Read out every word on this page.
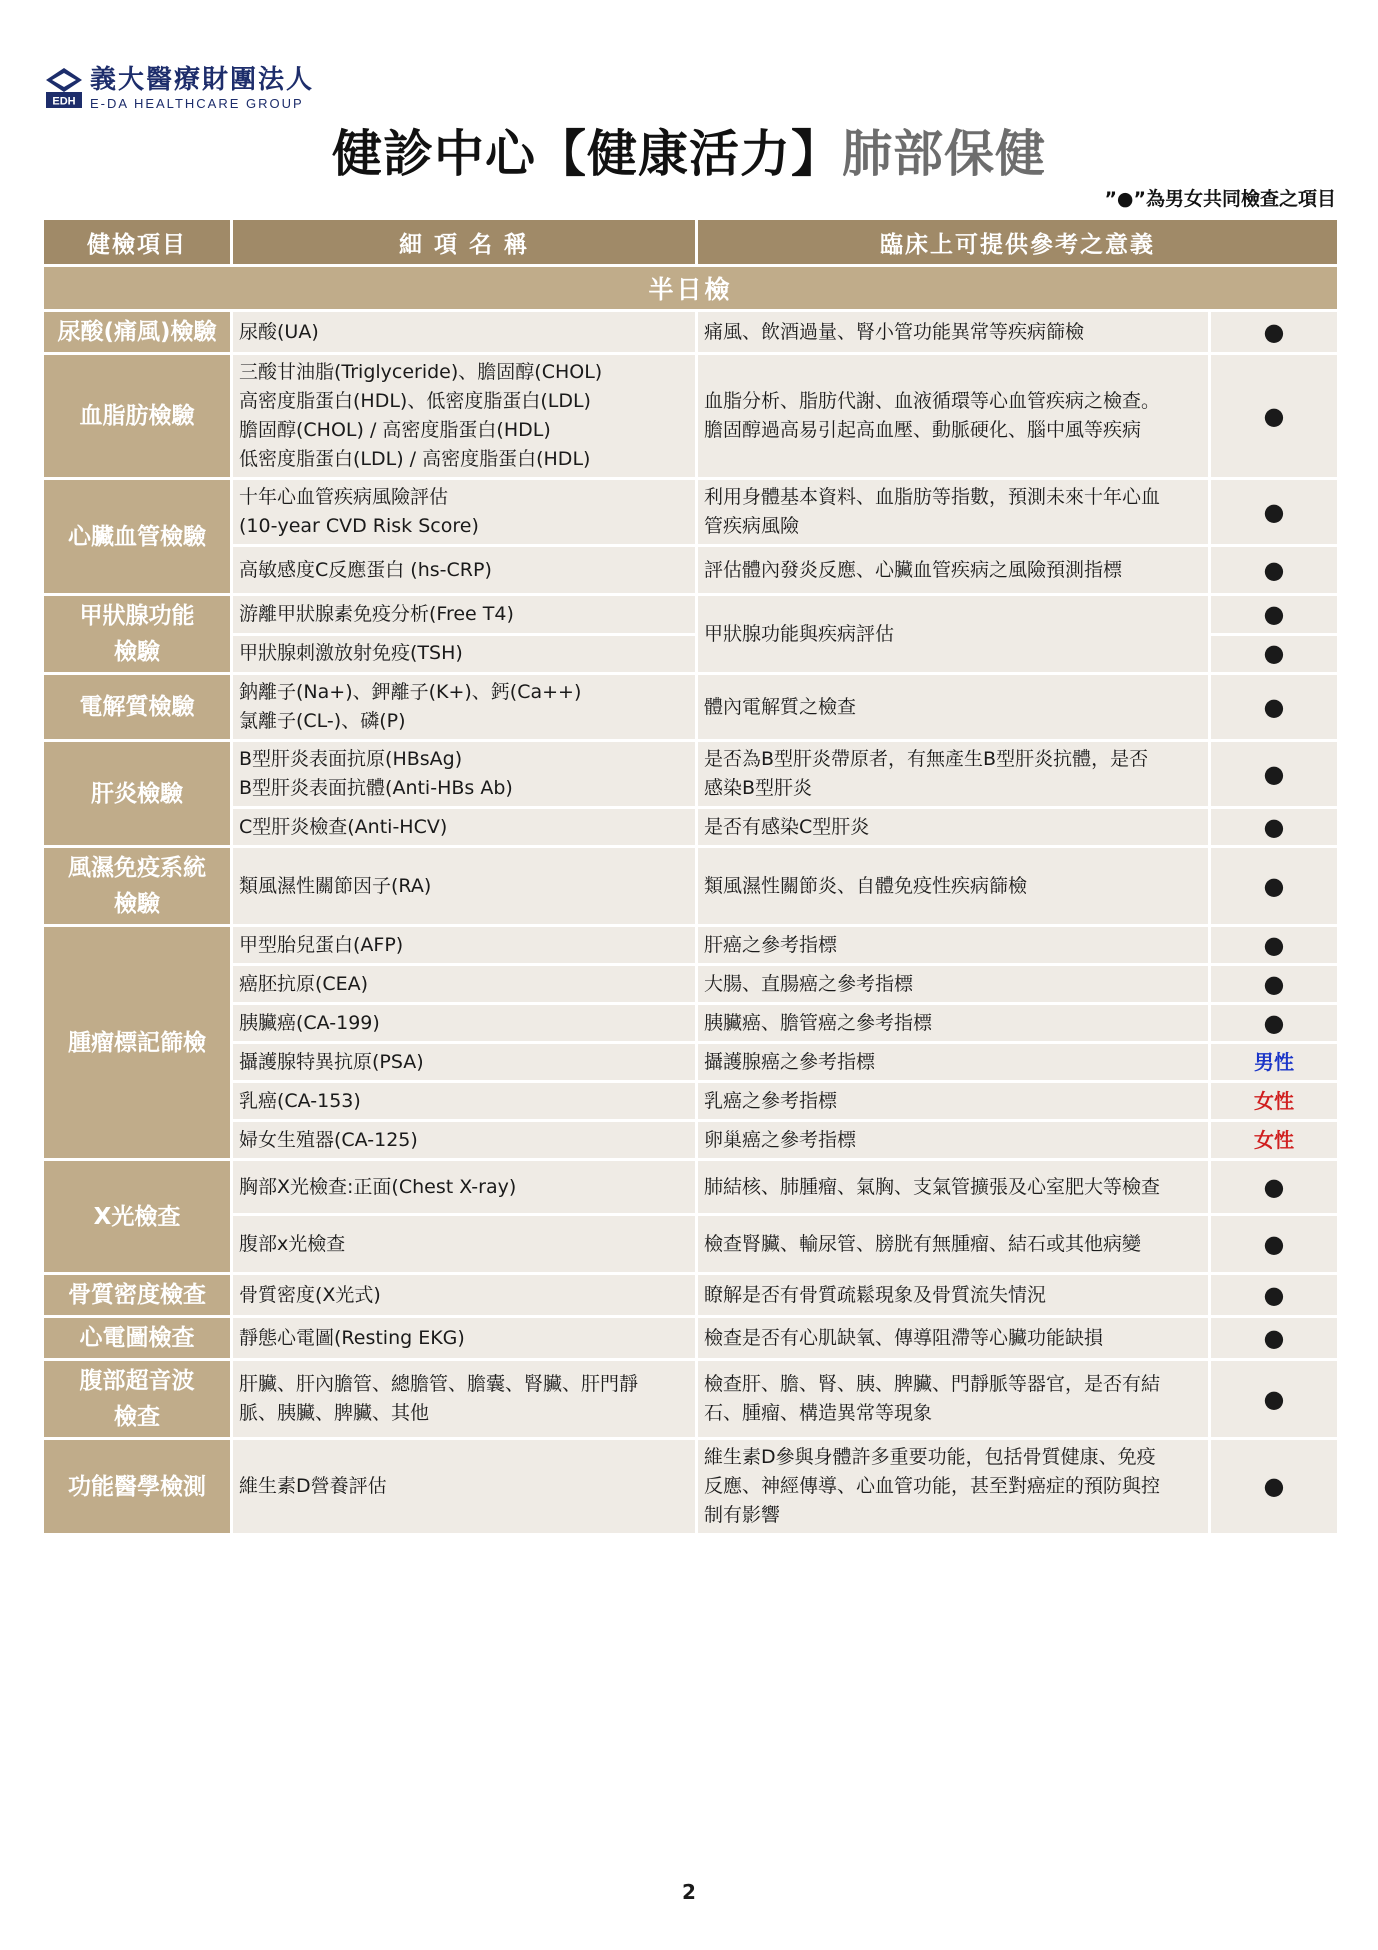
EDH
義大醫療財團法人
E-DA HEALTHCARE GROUP
健診中心【健康活力】肺部保健
”●”為男女共同檢查之項目
健檢項目	細 項 名 稱	臨床上可提供參考之意義	
半日檢			
尿酸(痛風)檢驗	尿酸(UA)	痛風、飲酒過量、腎小管功能異常等疾病篩檢	●
血脂肪檢驗	三酸甘油脂(Triglyceride)、膽固醇(CHOL)
高密度脂蛋白(HDL)、低密度脂蛋白(LDL)
膽固醇(CHOL) / 高密度脂蛋白(HDL)
低密度脂蛋白(LDL) / 高密度脂蛋白(HDL)	血脂分析、脂肪代謝、血液循環等心血管疾病之檢查。
膽固醇過高易引起高血壓、動脈硬化、腦中風等疾病	●
心臟血管檢驗	十年心血管疾病風險評估
(10-year CVD Risk Score)	利用身體基本資料、血脂肪等指數，預測未來十年心血
管疾病風險	●
	高敏感度C反應蛋白 (hs-CRP)	評估體內發炎反應、心臟血管疾病之風險預測指標	●
甲狀腺功能
檢驗	游離甲狀腺素免疫分析(Free T4)	甲狀腺功能與疾病評估	●
	甲狀腺刺激放射免疫(TSH)		●
電解質檢驗	鈉離子(Na+)、鉀離子(K+)、鈣(Ca++)
氯離子(CL-)、磷(P)	體內電解質之檢查	●
肝炎檢驗	B型肝炎表面抗原(HBsAg)
B型肝炎表面抗體(Anti-HBs Ab)	是否為B型肝炎帶原者，有無產生B型肝炎抗體，是否
感染B型肝炎	●
	C型肝炎檢查(Anti-HCV)	是否有感染C型肝炎	●
風濕免疫系統
檢驗	類風濕性關節因子(RA)	類風濕性關節炎、自體免疫性疾病篩檢	●
腫瘤標記篩檢	甲型胎兒蛋白(AFP)	肝癌之參考指標	●
	癌胚抗原(CEA)	大腸、直腸癌之參考指標	●
	胰臟癌(CA-199)	胰臟癌、膽管癌之參考指標	●
	攝護腺特異抗原(PSA)	攝護腺癌之參考指標	男性
	乳癌(CA-153)	乳癌之參考指標	女性
	婦女生殖器(CA-125)	卵巢癌之參考指標	女性
X光檢查	胸部X光檢查:正面(Chest X-ray)	肺結核、肺腫瘤、氣胸、支氣管擴張及心室肥大等檢查	●
	腹部x光檢查	檢查腎臟、輸尿管、膀胱有無腫瘤、結石或其他病變	●
骨質密度檢查	骨質密度(X光式)	瞭解是否有骨質疏鬆現象及骨質流失情況	●
心電圖檢查	靜態心電圖(Resting EKG)	檢查是否有心肌缺氧、傳導阻滯等心臟功能缺損	●
腹部超音波
檢查	肝臟、肝內膽管、總膽管、膽囊、腎臟、肝門靜
脈、胰臟、脾臟、其他	檢查肝、膽、腎、胰、脾臟、門靜脈等器官，是否有結
石、腫瘤、構造異常等現象	●
功能醫學檢測	維生素D營養評估	維生素D參與身體許多重要功能，包括骨質健康、免疫
反應、神經傳導、心血管功能，甚至對癌症的預防與控
制有影響	●
2
